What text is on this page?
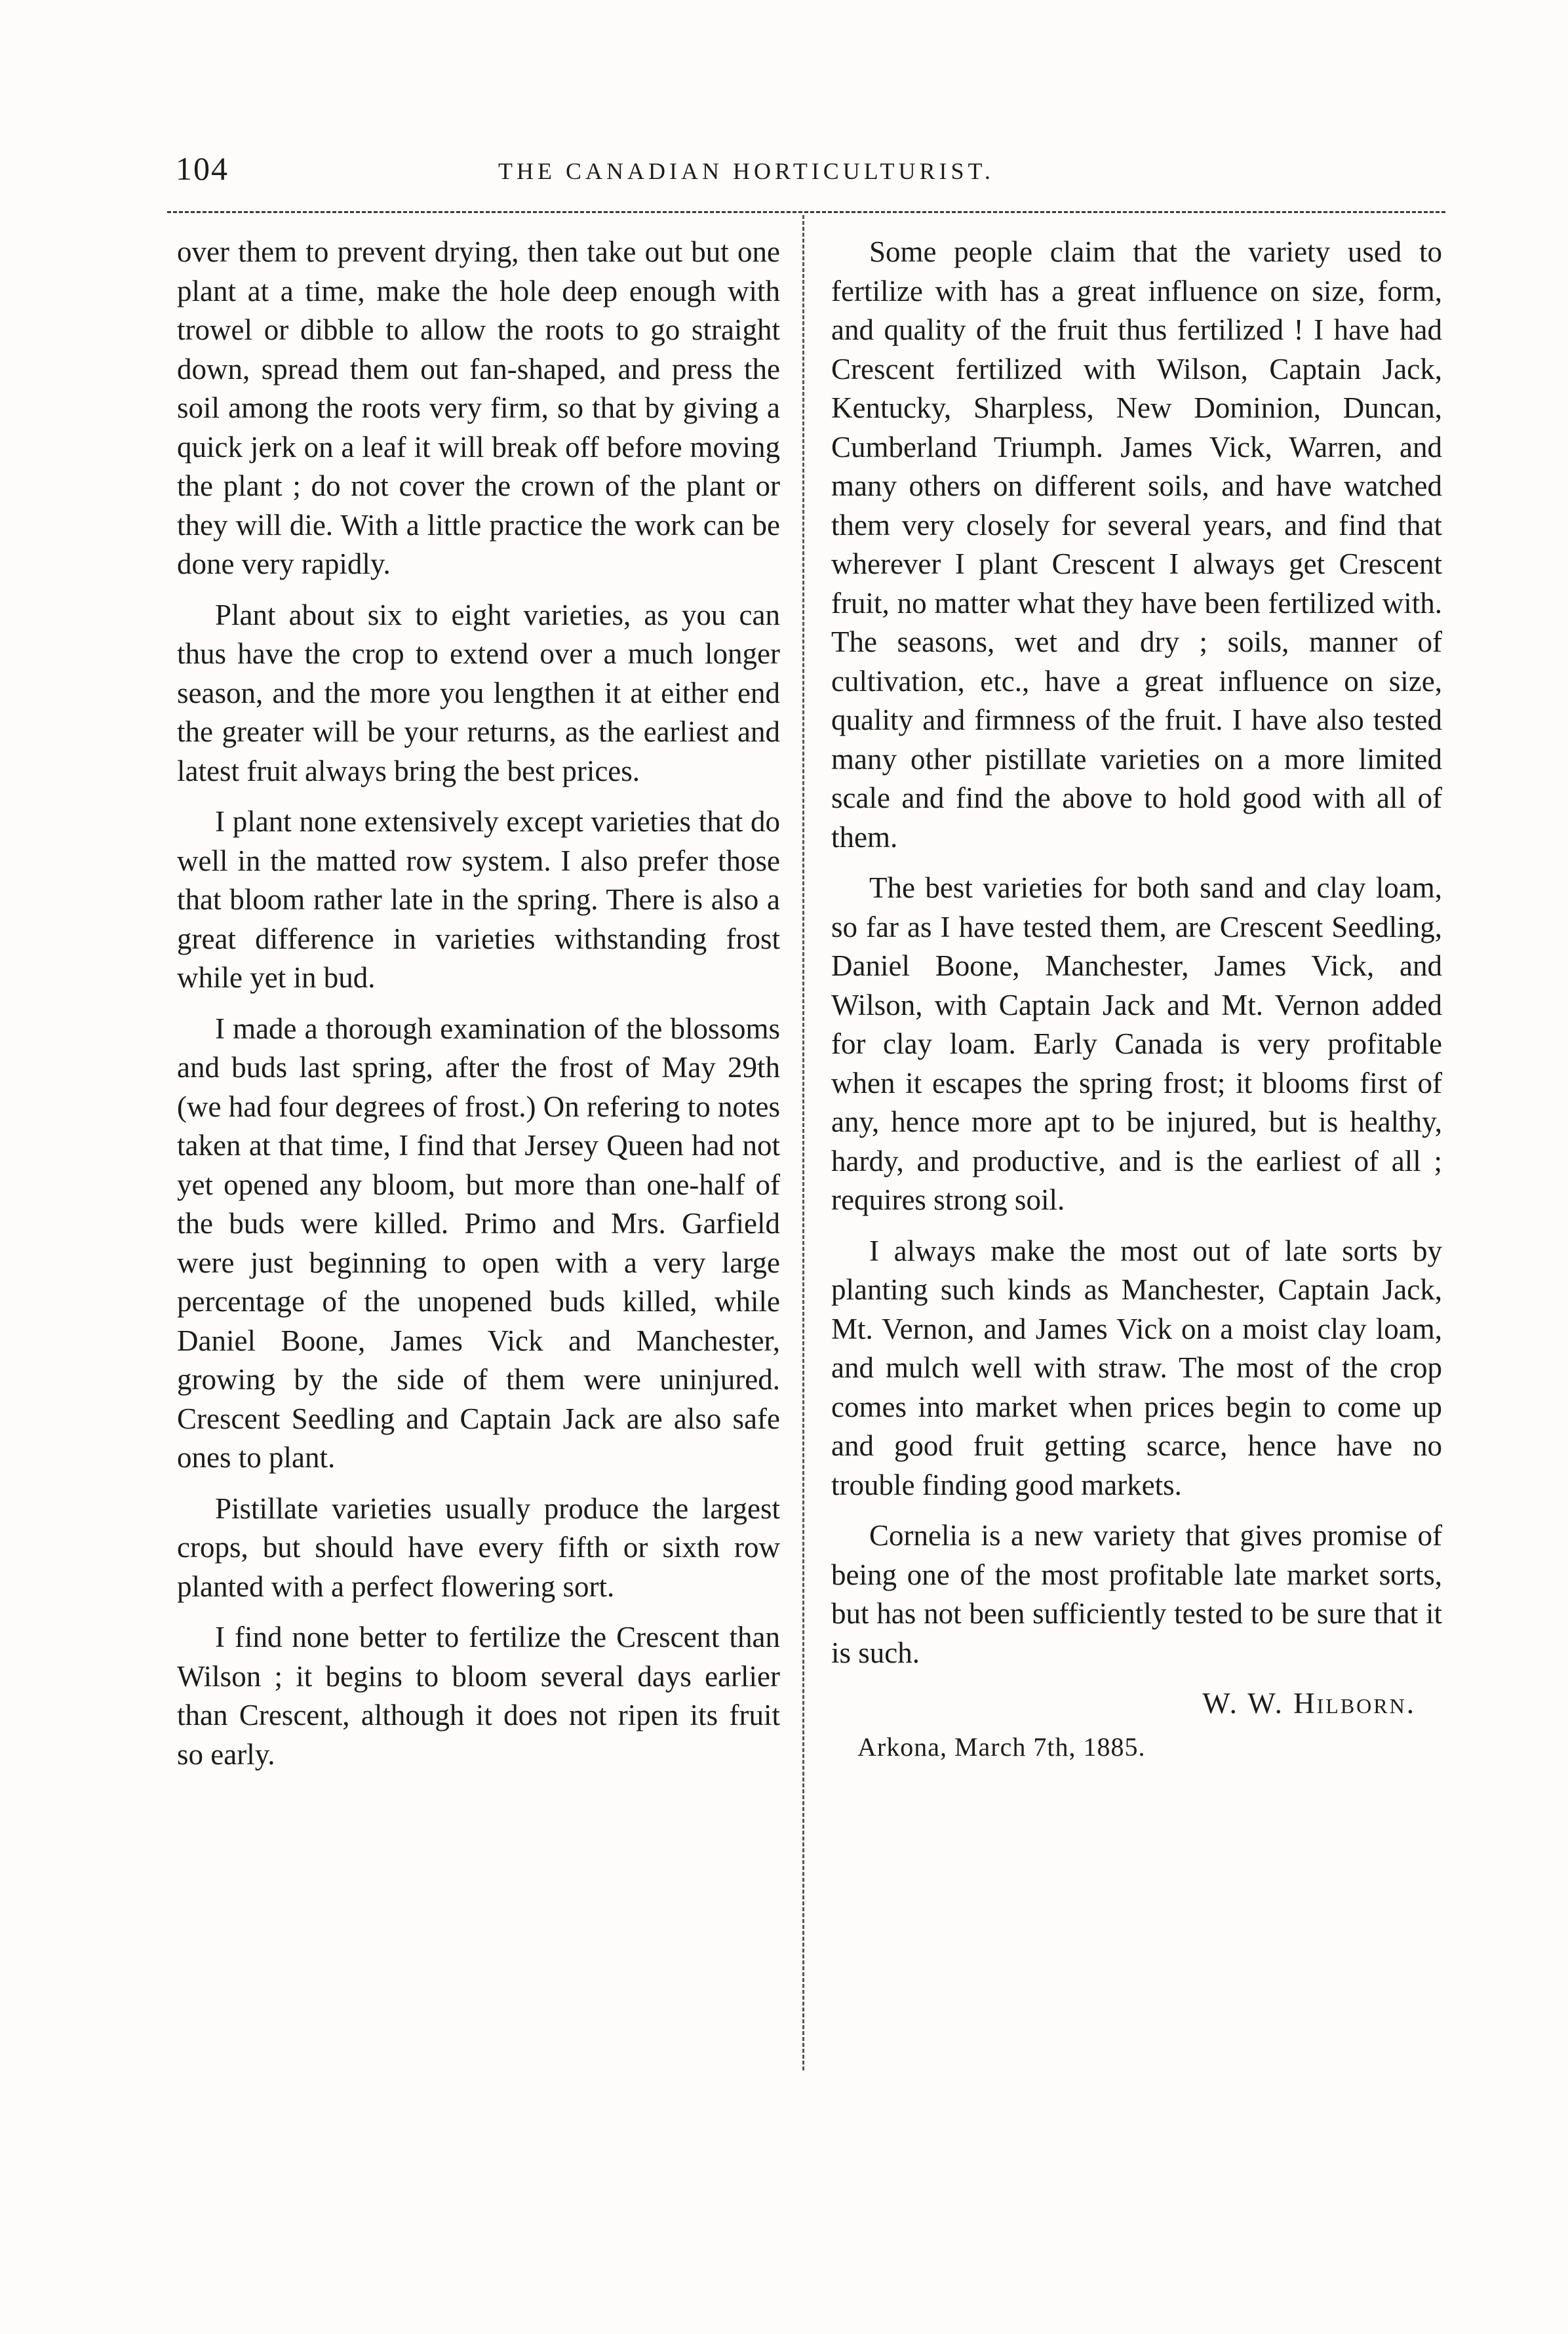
104	THE CANADIAN HORTICULTURIST.

over them to prevent drying, then take out but one plant at a time, make the hole deep enough with trowel or dibble to allow the roots to go straight down, spread them out fan-shaped, and press the soil among the roots very firm, so that by giving a quick jerk on a leaf it will break off before moving the plant ; do not cover the crown of the plant or they will die. With a little practice the work can be done very rapidly.

Plant about six to eight varieties, as you can thus have the crop to extend over a much longer season, and the more you lengthen it at either end the greater will be your returns, as the earliest and latest fruit always bring the best prices.

I plant none extensively except varieties that do well in the matted row system. I also prefer those that bloom rather late in the spring. There is also a great difference in varieties withstanding frost while yet in bud.

I made a thorough examination of the blossoms and buds last spring, after the frost of May 29th (we had four degrees of frost.) On refering to notes taken at that time, I find that Jersey Queen had not yet opened any bloom, but more than one-half of the buds were killed. Primo and Mrs. Garfield were just beginning to open with a very large percentage of the unopened buds killed, while Daniel Boone, James Vick and Manchester, growing by the side of them were uninjured. Crescent Seedling and Captain Jack are also safe ones to plant.

Pistillate varieties usually produce the largest crops, but should have every fifth or sixth row planted with a perfect flowering sort.

I find none better to fertilize the Crescent than Wilson ; it begins to bloom several days earlier than Crescent, although it does not ripen its fruit so early.

Some people claim that the variety used to fertilize with has a great influence on size, form, and quality of the fruit thus fertilized ! I have had Crescent fertilized with Wilson, Captain Jack, Kentucky, Sharpless, New Dominion, Duncan, Cumberland Triumph. James Vick, Warren, and many others on different soils, and have watched them very closely for several years, and find that wherever I plant Crescent I always get Crescent fruit, no matter what they have been fertilized with. The seasons, wet and dry ; soils, manner of cultivation, etc., have a great influence on size, quality and firmness of the fruit. I have also tested many other pistillate varieties on a more limited scale and find the above to hold good with all of them.

The best varieties for both sand and clay loam, so far as I have tested them, are Crescent Seedling, Daniel Boone, Manchester, James Vick, and Wilson, with Captain Jack and Mt. Vernon added for clay loam. Early Canada is very profitable when it escapes the spring frost; it blooms first of any, hence more apt to be injured, but is healthy, hardy, and productive, and is the earliest of all ; requires strong soil.

I always make the most out of late sorts by planting such kinds as Manchester, Captain Jack, Mt. Vernon, and James Vick on a moist clay loam, and mulch well with straw. The most of the crop comes into market when prices begin to come up and good fruit getting scarce, hence have no trouble finding good markets.

Cornelia is a new variety that gives promise of being one of the most profitable late market sorts, but has not been sufficiently tested to be sure that it is such.

W. W. Hilborn.
Arkona, March 7th, 1885.
